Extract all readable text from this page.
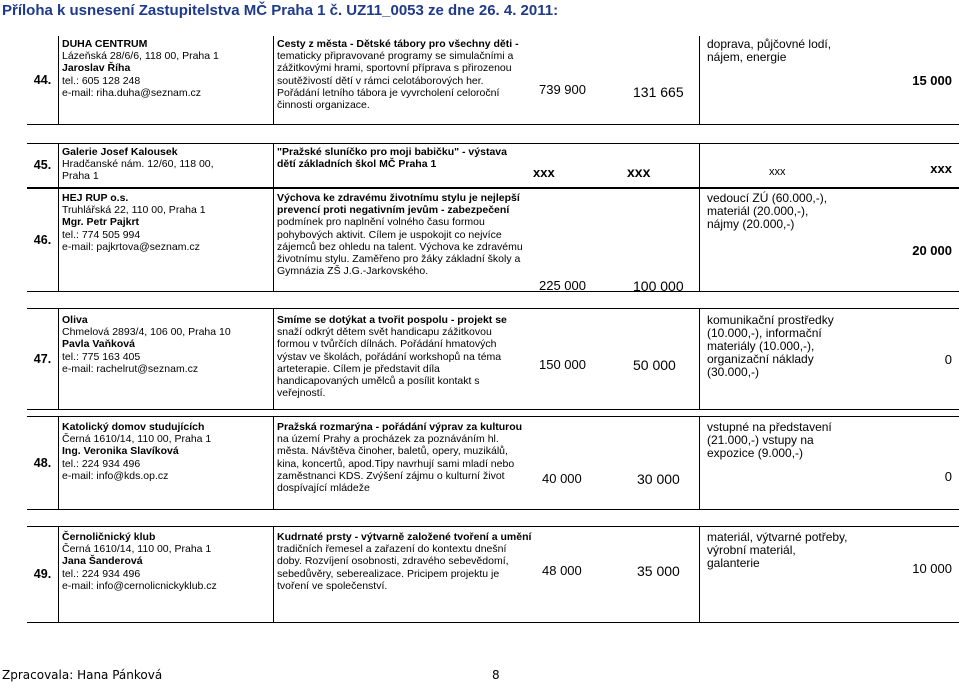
Příloha k usnesení Zastupitelstva MČ Praha 1 č. UZ11_0053 ze dne 26. 4. 2011:
44.
DUHA CENTRUM
Lázeňská 28/6/6, 118 00, Praha 1
Jaroslav Říha
tel.: 605 128 248
e-mail: riha.duha@seznam.cz
Cesty z města - Dětské tábory pro všechny děti -
tematicky připravované programy se simulačními a
zážitkovými hrami, sportovní příprava s přirozenou
soutěživostí dětí v rámci celotáborových her.
Pořádání letního tábora je vyvrcholení celoroční
činnosti organizace.
739 900	131 665
doprava, půjčovné lodí,
nájem, energie
15 000
45.
Galerie Josef Kalousek
Hradčanské nám. 12/60, 118 00,
Praha 1
"Pražské sluníčko pro moji babičku" - výstava
dětí základních škol MČ Praha 1
xxx	xxx	xxx	xxx
46.
HEJ RUP o.s.
Truhlářská 22, 110 00, Praha 1
Mgr. Petr Pajkrt
tel.: 774 505 994
e-mail: pajkrtova@seznam.cz
Výchova ke zdravému životnímu stylu je nejlepší
prevencí proti negativním jevům - zabezpečení
podmínek pro naplnění volného času formou
pohybových aktivit. Cílem je uspokojit co nejvíce
zájemců bez ohledu na talent. Výchova ke zdravému
životnímu stylu. Zaměřeno pro žáky základní školy a
Gymnázia ZŠ J.G.-Jarkovského.
225 000	100 000
vedoucí ZÚ (60.000,-),
materiál (20.000,-),
nájmy (20.000,-)
20 000
47.
Oliva
Chmelová 2893/4, 106 00, Praha 10
Pavla Vaňková
tel.: 775 163 405
e-mail: rachelrut@seznam.cz
Smíme se dotýkat a tvořit pospolu - projekt se
snaží odkrýt dětem svět handicapu zážitkovou
formou v tvůrčích dílnách. Pořádání hmatových
výstav ve školách, pořádání workshopů na téma
arteterapie. Cílem je představit díla
handicapovaných umělců a posílit kontakt s
veřejností.
150 000	50 000
komunikační prostředky
(10.000,-), informační
materiály (10.000,-),
organizační náklady
(30.000,-)
0
48.
Katolický domov studujících
Černá 1610/14, 110 00, Praha 1
Ing. Veronika Slavíková
tel.: 224 934 496
e-mail: info@kds.op.cz
Pražská rozmarýna - pořádání výprav za kulturou
na území Prahy a procházek za poznáváním hl.
města. Návštěva činoher, baletů, opery, muzikálů,
kina, koncertů, apod.Tipy navrhují sami mladí nebo
zaměstnanci KDS. Zvýšení zájmu o kulturní život
dospívající mládeže
40 000	30 000
vstupné na představení
(21.000,-) vstupy na
expozice (9.000,-)
0
49.
Černoličnický klub
Černá 1610/14, 110 00, Praha 1
Jana Šanderová
tel.: 224 934 496
e-mail: info@cernolicnickyklub.cz
Kudrnaté prsty - výtvarně založené tvoření a umění
tradičních řemesel a zařazení do kontextu dnešní
doby. Rozvíjení osobnosti, zdravého sebevědomí,
sebedůvěry, seberealizace. Pricipem projektu je
tvoření ve společenství.
48 000	35 000
materiál, výtvarné potřeby,
výrobní materiál,
galanterie	10 000
Zpracovala: Hana Pánková	8
